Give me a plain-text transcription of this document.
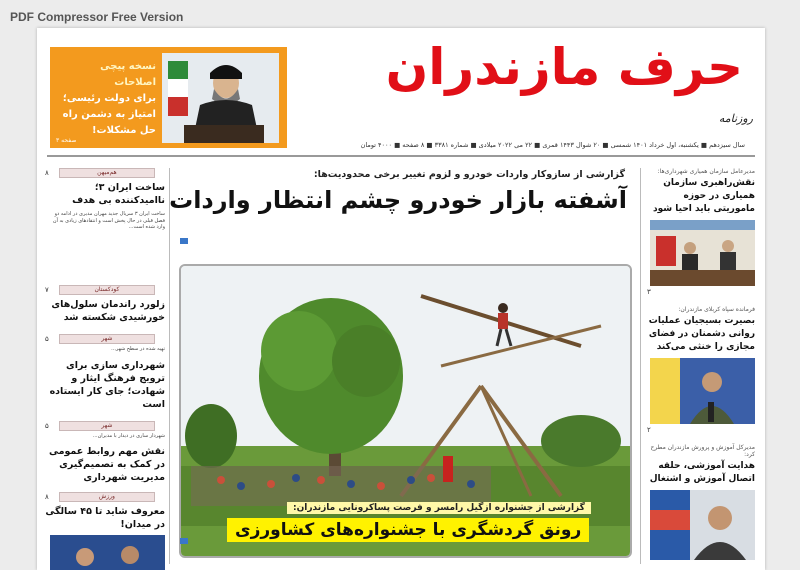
PDF Compressor Free Version
نسخه پیچی اصلاحات
برای دولت رئیسی؛
امتیاز به دشمن راه
حل مشکلات!
صفحه ۳
حرف مازندران
روزنامه
سال سیزدهم ■ یکشنبه، اول خرداد ۱۴۰۱ شمسی ■ ۲۰ شوال ۱۴۴۳ قمری ■ ۲۲ می ۲۰۲۲ میلادی ■ شماره ۳۳۸۱ ■ ۸ صفحه ■ ۴۰۰۰ تومان
هم‌میهن
۸
ساخت ایران ۳؛ ناامیدکننده بی هدف
ساخت ایران ۳ سریال جدید مهران مدیری در ادامه دو فصل قبلی در حال پخش است و انتقادهای زیادی به آن وارد شده است...
کودکستان
۷
زلورد راندمان سلول‌های خورشیدی شکسته شد
شهر
۵
تهیه شده در سطح شهر...
شهرداری سازی برای ترویج فرهنگ ایثار و شهادت؛ جای کار ایستاده است
شهر
۵
شهردار ساری در دیدار با مدیران...
نقش مهم روابط عمومی در کمک به تصمیم‌گیری مدیریت شهرداری
ورزش
۸
معروف شاید تا ۴۵ سالگی در میدان!
گزارشی از سازوکار واردات خودرو و لزوم تغییر برخی محدودیت‌ها:
آشفته بازار خودرو چشم انتظار واردات
گزارشی از جشنواره ازگیل رامسر و فرصت پساکرونایی مازندران:
رونق گردشگری با جشنواره‌های کشاورزی
مدیرعامل سازمان همیاری شهرداری‌ها:
نقش‌راهبری سازمان همیاری در حوزه ماموریتی باید احیا شود
۳
فرمانده سپاه کربلای مازندران:
بصیرت بسیجیان عملیات روانی دشمنان در فضای مجازی را خنثی می‌کند
۲
مدیرکل آموزش و پرورش مازندران مطرح کرد:
هدایت آموزشی، حلقه اتصال آموزش و اشتغال
